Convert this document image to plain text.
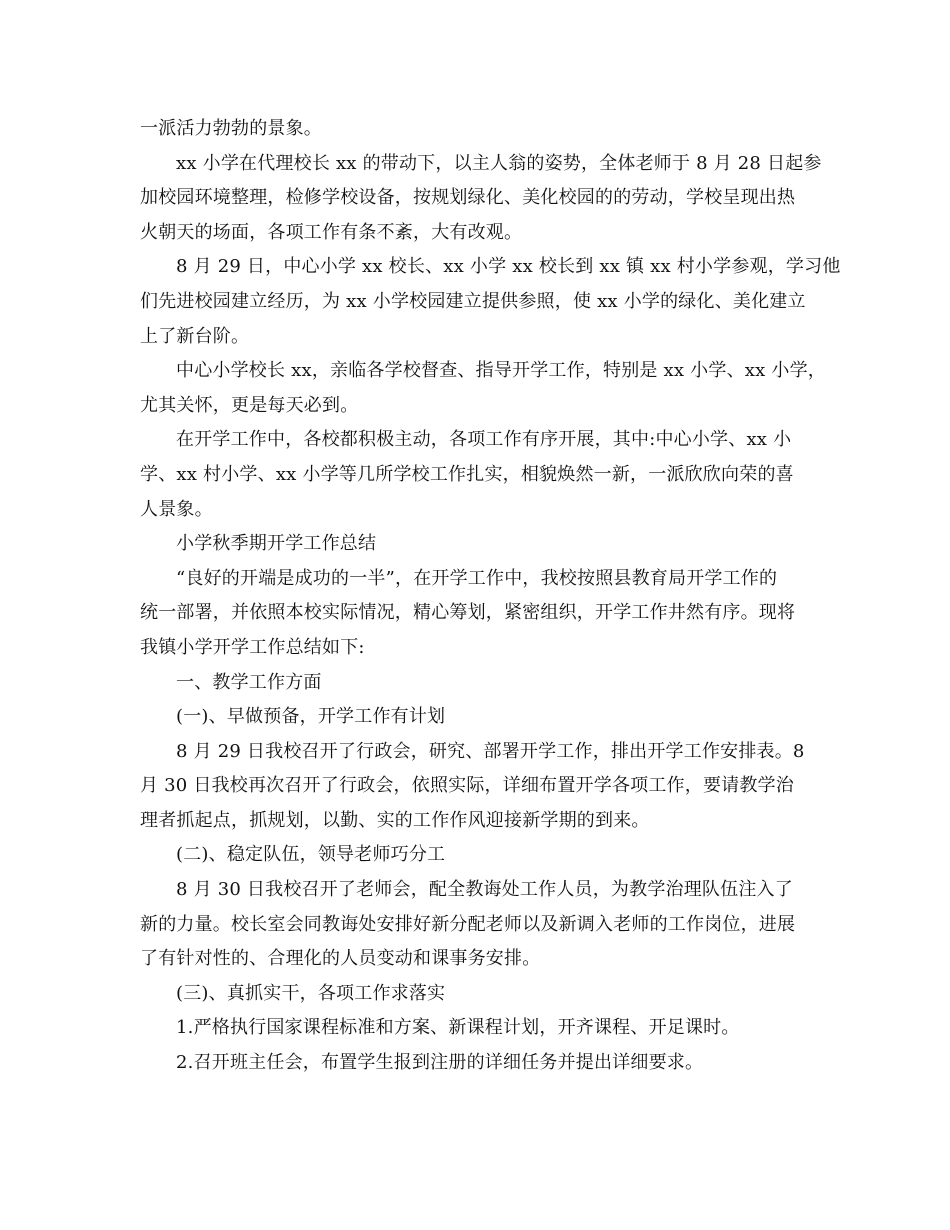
一派活力勃勃的景象。
xx 小学在代理校长 xx 的带动下，以主人翁的姿势，全体老师于 8 月 28 日起参
加校园环境整理，检修学校设备，按规划绿化、美化校园的的劳动，学校呈现出热
火朝天的场面，各项工作有条不紊，大有改观。
8 月 29 日，中心小学 xx 校长、xx 小学 xx 校长到 xx 镇 xx 村小学参观，学习他
们先进校园建立经历，为 xx 小学校园建立提供参照，使 xx 小学的绿化、美化建立
上了新台阶。
中心小学校长 xx，亲临各学校督查、指导开学工作，特别是 xx 小学、xx 小学，
尤其关怀，更是每天必到。
在开学工作中，各校都积极主动，各项工作有序开展，其中:中心小学、xx 小
学、xx 村小学、xx 小学等几所学校工作扎实，相貌焕然一新，一派欣欣向荣的喜
人景象。
小学秋季期开学工作总结
“良好的开端是成功的一半”，在开学工作中，我校按照县教育局开学工作的
统一部署，并依照本校实际情况，精心筹划，紧密组织，开学工作井然有序。现将
我镇小学开学工作总结如下:
一、教学工作方面
(一)、早做预备，开学工作有计划
8 月 29 日我校召开了行政会，研究、部署开学工作，排出开学工作安排表。8
月 30 日我校再次召开了行政会，依照实际，详细布置开学各项工作，要请教学治
理者抓起点，抓规划，以勤、实的工作作风迎接新学期的到来。
(二)、稳定队伍，领导老师巧分工
8 月 30 日我校召开了老师会，配全教诲处工作人员，为教学治理队伍注入了
新的力量。校长室会同教诲处安排好新分配老师以及新调入老师的工作岗位，进展
了有针对性的、合理化的人员变动和课事务安排。
(三)、真抓实干，各项工作求落实
1.严格执行国家课程标准和方案、新课程计划，开齐课程、开足课时。
2.召开班主任会，布置学生报到注册的详细任务并提出详细要求。
